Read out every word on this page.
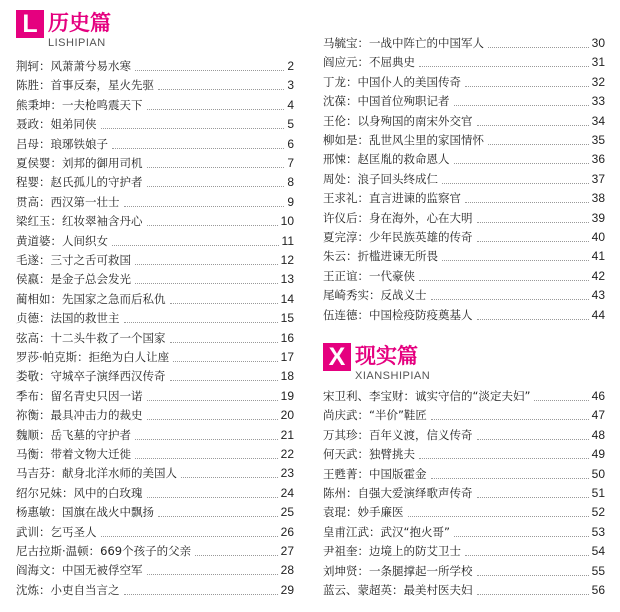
L 历史篇
LISHIPIAN
荆轲：风萧萧兮易水寒	2
陈胜：首事反秦，星火先驱	3
熊秉坤：一夫枪鸣震天下	4
聂政：姐弟同侠	5
吕母：琅琊铁娘子	6
夏侯婴：刘邦的御用司机	7
程婴：赵氏孤儿的守护者	8
贯高：西汉第一壮士	9
梁红玉：红妆翠袖含丹心	10
黄道婆：人间织女	11
毛遂：三寸之舌可救国	12
侯嬴：是金子总会发光	13
蔺相如：先国家之急而后私仇	14
贞德：法国的救世主	15
弦高：十二头牛救了一个国家	16
罗莎·帕克斯：拒绝为白人让座	17
娄敬：守城卒子演绎西汉传奇	18
季布：留名青史只因一诺	19
祢衡：最具冲击力的裁史	20
魏顺：岳飞墓的守护者	21
马衡：带着文物大迁徙	22
马吉芬：献身北洋水师的美国人	23
绍尔兄妹：风中的白玫瑰	24
杨惠敏：国旗在战火中飘扬	25
武训：乞丐圣人	26
尼古拉斯·温顿：669个孩子的父亲	27
阎海文：中国无被俘空军	28
沈炼：小吏自当言之	29
马毓宝：一战中阵亡的中国军人	30
阎应元：不屈典史	31
丁龙：中国仆人的美国传奇	32
沈葆：中国首位殉职记者	33
王伦：以身殉国的南宋外交官	34
柳如是：乱世风尘里的家国情怀	35
邢悚：赵匡胤的救命恩人	36
周处：浪子回头终成仁	37
王求礼：直言进谏的监察官	38
许仪后：身在海外，心在大明	39
夏完淳：少年民族英雄的传奇	40
朱云：折槛进谏无所畏	41
王正谊：一代豪侠	42
尾崎秀实：反战义士	43
伍连德：中国检疫防疫奠基人	44
X 现实篇
XIANSHIPIAN
宋卫利、李宝财：诚实守信的“淡定夫妇”	46
尚庆武：“半价”鞋匠	47
万其珍：百年义渡，信义传奇	48
何天武：独臂挑夫	49
王甦菁：中国版霍金	50
陈州：自强大爱演绎歌声传奇	51
袁琨：妙手廉医	52
皇甫江武：武汉“抱火哥”	53
尹祖奎：边境上的防艾卫士	54
刘坤贤：一条腿撑起一所学校	55
蓝云、蒙超英：最美村医夫妇	56
